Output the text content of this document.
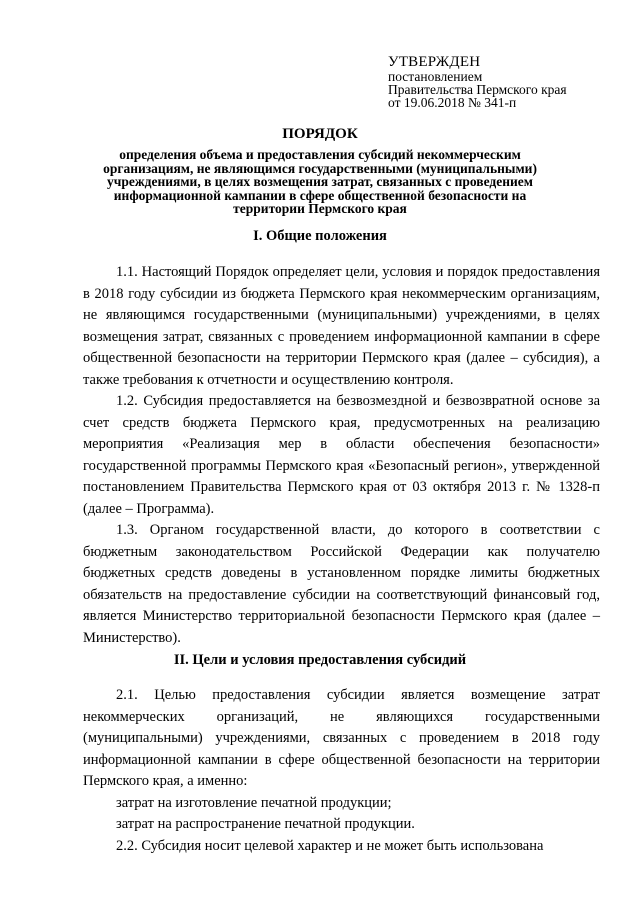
УТВЕРЖДЕН
постановлением
Правительства Пермского края
от 19.06.2018 № 341-п
ПОРЯДОК
определения объема и предоставления субсидий некоммерческим организациям, не являющимся государственными (муниципальными) учреждениями, в целях возмещения затрат, связанных с проведением информационной кампании в сфере общественной безопасности на территории Пермского края
I. Общие положения

1.1. Настоящий Порядок определяет цели, условия и порядок предоставления в 2018 году субсидии из бюджета Пермского края некоммерческим организациям, не являющимся государственными (муниципальными) учреждениями, в целях возмещения затрат, связанных с проведением информационной кампании в сфере общественной безопасности на территории Пермского края (далее – субсидия), а также требования к отчетности и осуществлению контроля.

1.2. Субсидия предоставляется на безвозмездной и безвозвратной основе за счет средств бюджета Пермского края, предусмотренных на реализацию мероприятия «Реализация мер в области обеспечения безопасности» государственной программы Пермского края «Безопасный регион», утвержденной постановлением Правительства Пермского края от 03 октября 2013 г. № 1328-п (далее – Программа).

1.3. Органом государственной власти, до которого в соответствии с бюджетным законодательством Российской Федерации как получателю бюджетных средств доведены в установленном порядке лимиты бюджетных обязательств на предоставление субсидии на соответствующий финансовый год, является Министерство территориальной безопасности Пермского края (далее – Министерство).

II. Цели и условия предоставления субсидий

2.1. Целью предоставления субсидии является возмещение затрат некоммерческих организаций, не являющихся государственными (муниципальными) учреждениями, связанных с проведением в 2018 году информационной кампании в сфере общественной безопасности на территории Пермского края, а именно:

затрат на изготовление печатной продукции;

затрат на распространение печатной продукции.

2.2. Субсидия носит целевой характер и не может быть использована
